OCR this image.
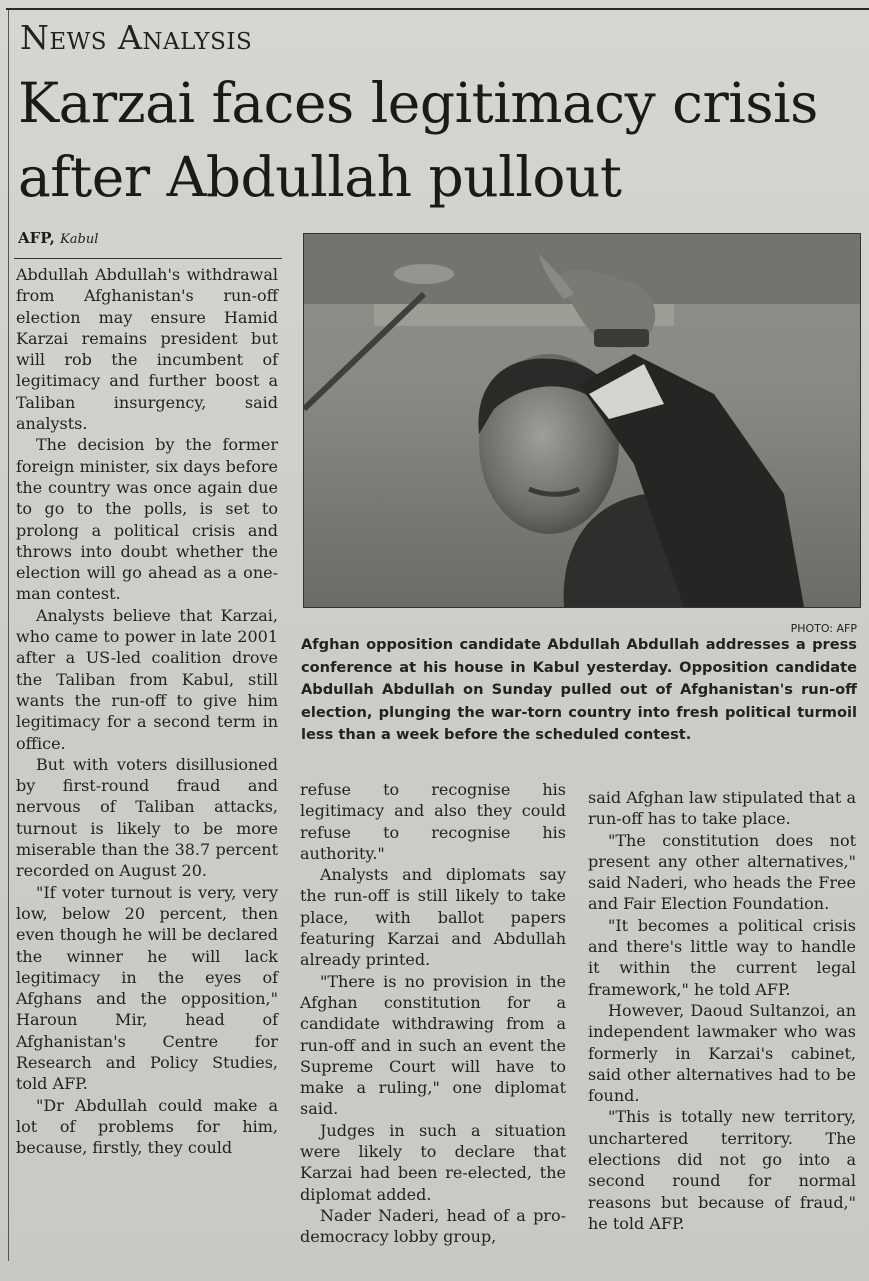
News Analysis
Karzai faces legitimacy crisis after Abdullah pullout
AFP, Kabul

Abdullah Abdullah's withdrawal from Afghanistan's run-off election may ensure Hamid Karzai remains president but will rob the incumbent of legitimacy and further boost a Taliban insurgency, said analysts.

The decision by the former foreign minister, six days before the country was once again due to go to the polls, is set to prolong a political crisis and throws into doubt whether the election will go ahead as a one-man contest.

Analysts believe that Karzai, who came to power in late 2001 after a US-led coalition drove the Taliban from Kabul, still wants the run-off to give him legitimacy for a second term in office.

But with voters disillusioned by first-round fraud and nervous of Taliban attacks, turnout is likely to be more miserable than the 38.7 percent recorded on August 20.

"If voter turnout is very, very low, below 20 percent, then even though he will be declared the winner he will lack legitimacy in the eyes of Afghans and the opposition," Haroun Mir, head of Afghanistan's Centre for Research and Policy Studies, told AFP.

"Dr Abdullah could make a lot of problems for him, because, firstly, they could

PHOTO: AFP
Afghan opposition candidate Abdullah Abdullah addresses a press conference at his house in Kabul yesterday. Opposition candidate Abdullah Abdullah on Sunday pulled out of Afghanistan's run-off election, plunging the war-torn country into fresh political turmoil less than a week before the scheduled contest.

refuse to recognise his legitimacy and also they could refuse to recognise his authority."

Analysts and diplomats say the run-off is still likely to take place, with ballot papers featuring Karzai and Abdullah already printed.

"There is no provision in the Afghan constitution for a candidate withdrawing from a run-off and in such an event the Supreme Court will have to make a ruling," one diplomat said.

Judges in such a situation were likely to declare that Karzai had been re-elected, the diplomat added.

Nader Naderi, head of a pro-democracy lobby group,

said Afghan law stipulated that a run-off has to take place.

"The constitution does not present any other alternatives," said Naderi, who heads the Free and Fair Election Foundation.

"It becomes a political crisis and there's little way to handle it within the current legal framework," he told AFP.

However, Daoud Sultanzoi, an independent lawmaker who was formerly in Karzai's cabinet, said other alternatives had to be found.

"This is totally new territory, unchartered territory. The elections did not go into a second round for normal reasons but because of fraud," he told AFP.
